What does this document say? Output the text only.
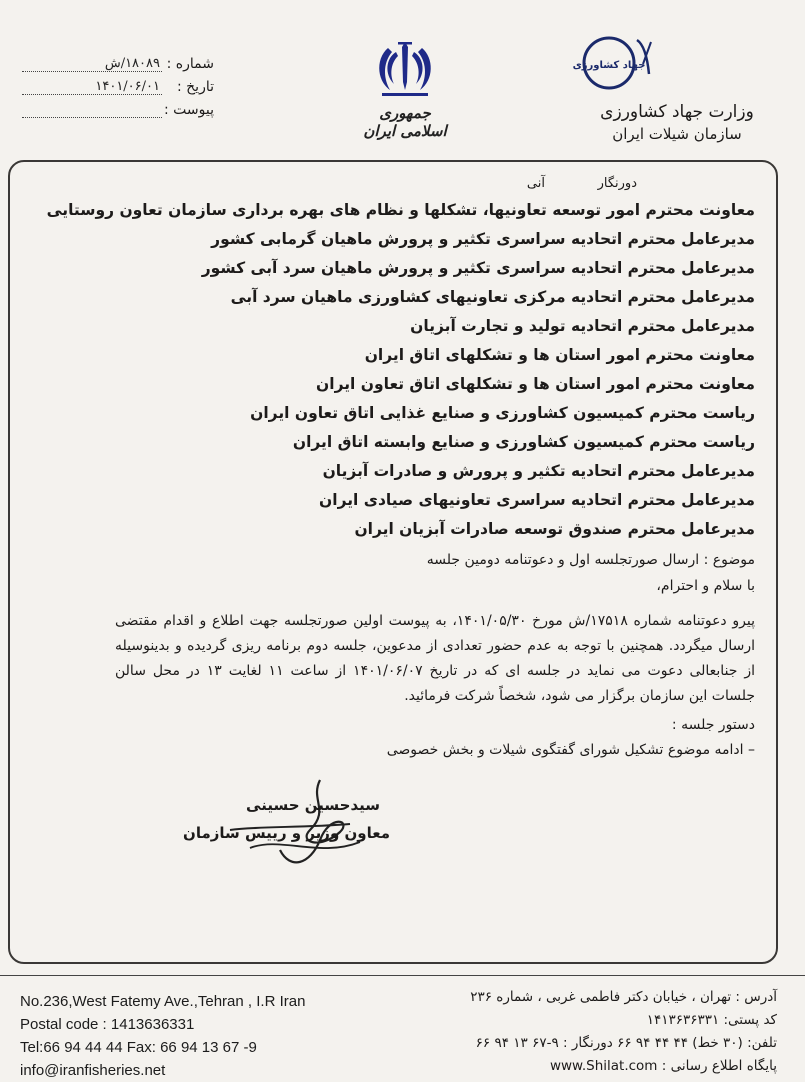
شماره :
۱۸۰۸۹/ش
تاریخ :
۱۴۰۱/۰۶/۰۱
پیوست :	جمهوری اسلامی ایران
جهاد کشاورزی
وزارت جهاد کشاورزی
سازمان شیلات ایران
دورنگار
آنی
معاونت محترم امور توسعه تعاونیها، تشکلها و نظام های بهره برداری سازمان تعاون روستایی
مدیرعامل محترم اتحادیه سراسری تکثیر و پرورش ماهیان گرمابی کشور
مدیرعامل محترم اتحادیه سراسری تکثیر و پرورش ماهیان سرد آبی کشور
مدیرعامل محترم اتحادیه مرکزی تعاونیهای کشاورزی ماهیان سرد آبی
مدیرعامل محترم اتحادیه تولید و تجارت آبزیان
معاونت محترم امور استان ها و تشکلهای اتاق ایران
معاونت محترم امور استان ها و تشکلهای اتاق تعاون ایران
ریاست محترم کمیسیون کشاورزی و صنایع غذایی اتاق تعاون ایران
ریاست محترم کمیسیون کشاورزی و صنایع وابسته اتاق ایران
مدیرعامل محترم اتحادیه تکثیر و پرورش و صادرات آبزیان
مدیرعامل محترم اتحادیه سراسری تعاونیهای صیادی ایران
مدیرعامل محترم صندوق توسعه صادرات آبزیان ایران
موضوع : ارسال صورتجلسه اول و دعوتنامه دومین جلسه
با سلام و احترام،
پیرو دعوتنامه شماره ۱۷۵۱۸/ش مورخ ۱۴۰۱/۰۵/۳۰، به پیوست اولین صورتجلسه جهت اطلاع و اقدام مقتضی ارسال میگردد. همچنین با توجه به عدم حضور تعدادی از مدعوین، جلسه دوم برنامه ریزی گردیده و بدینوسیله از جنابعالی دعوت می نماید در جلسه ای که در تاریخ ۱۴۰۱/۰۶/۰۷ از ساعت ۱۱ لغایت ۱۳ در محل سالن جلسات این سازمان برگزار می شود، شخصاً شرکت فرمائید.
دستور جلسه :
– ادامه موضوع تشکیل شورای گفتگوی شیلات و بخش خصوصی
سیدحسین حسینی
معاون وزیر و رییس سازمان
No.236,West Fatemy Ave.,Tehran , I.R Iran
Postal code : 1413636331
Tel:66 94 44 44 Fax: 66 94 13 67 -9
info@iranfisheries.net
آدرس : تهران ، خیابان دکتر فاطمی غربی ، شماره ۲۳۶
کد پستی: ۱۴۱۳۶۳۶۳۳۱
تلفن: (۳۰ خط) ۴۴ ۴۴ ۹۴ ۶۶ دورنگار : ۹-۶۷ ۱۳ ۹۴ ۶۶
پایگاه اطلاع رسانی : www.Shilat.com
